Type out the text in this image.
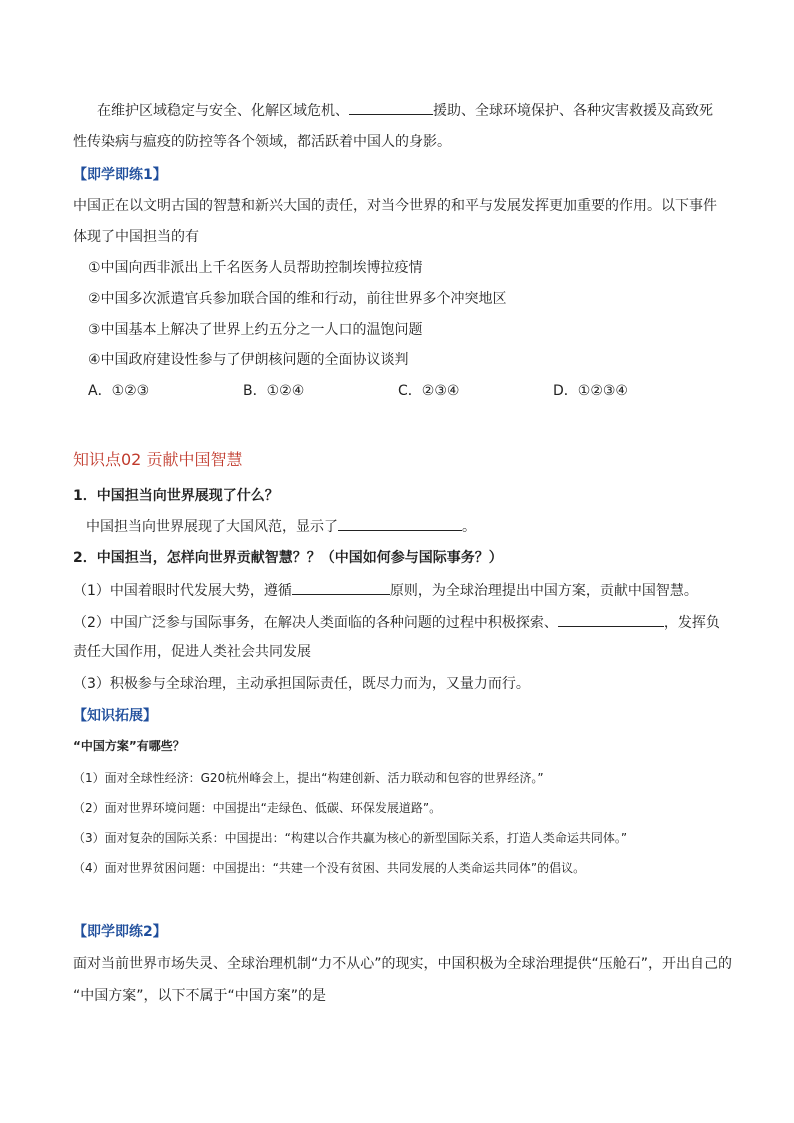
在维护区域稳定与安全、化解区域危机、	援助、全球环境保护、各种灾害救援及高致死
性传染病与瘟疫的防控等各个领域，都活跃着中国人的身影。
【即学即练1】
中国正在以文明古国的智慧和新兴大国的责任，对当今世界的和平与发展发挥更加重要的作用。以下事件
体现了中国担当的有
①中国向西非派出上千名医务人员帮助控制埃博拉疫情
②中国多次派遣官兵参加联合国的维和行动，前往世界多个冲突地区
③中国基本上解决了世界上约五分之一人口的温饱问题
④中国政府建设性参与了伊朗核问题的全面协议谈判
A．①②③	B．①②④	C．②③④	D．①②③④
知识点02 贡献中国智慧
1．中国担当向世界展现了什么？
中国担当向世界展现了大国风范，显示了	。
2．中国担当，怎样向世界贡献智慧？？（中国如何参与国际事务？）
（1）中国着眼时代发展大势，遵循	原则，为全球治理提出中国方案，贡献中国智慧。
（2）中国广泛参与国际事务，在解决人类面临的各种问题的过程中积极探索、	，发挥负
责任大国作用，促进人类社会共同发展
（3）积极参与全球治理，主动承担国际责任，既尽力而为，又量力而行。
【知识拓展】
“中国方案”有哪些？
（1）面对全球性经济：G20杭州峰会上，提出“构建创新、活力联动和包容的世界经济。”
（2）面对世界环境问题：中国提出“走绿色、低碳、环保发展道路”。
（3）面对复杂的国际关系：中国提出：“构建以合作共赢为核心的新型国际关系，打造人类命运共同体。”
（4）面对世界贫困问题：中国提出：“共建一个没有贫困、共同发展的人类命运共同体”的倡议。
【即学即练2】
面对当前世界市场失灵、全球治理机制“力不从心”的现实，中国积极为全球治理提供“压舱石”，开出自己的
“中国方案”，以下不属于“中国方案”的是
